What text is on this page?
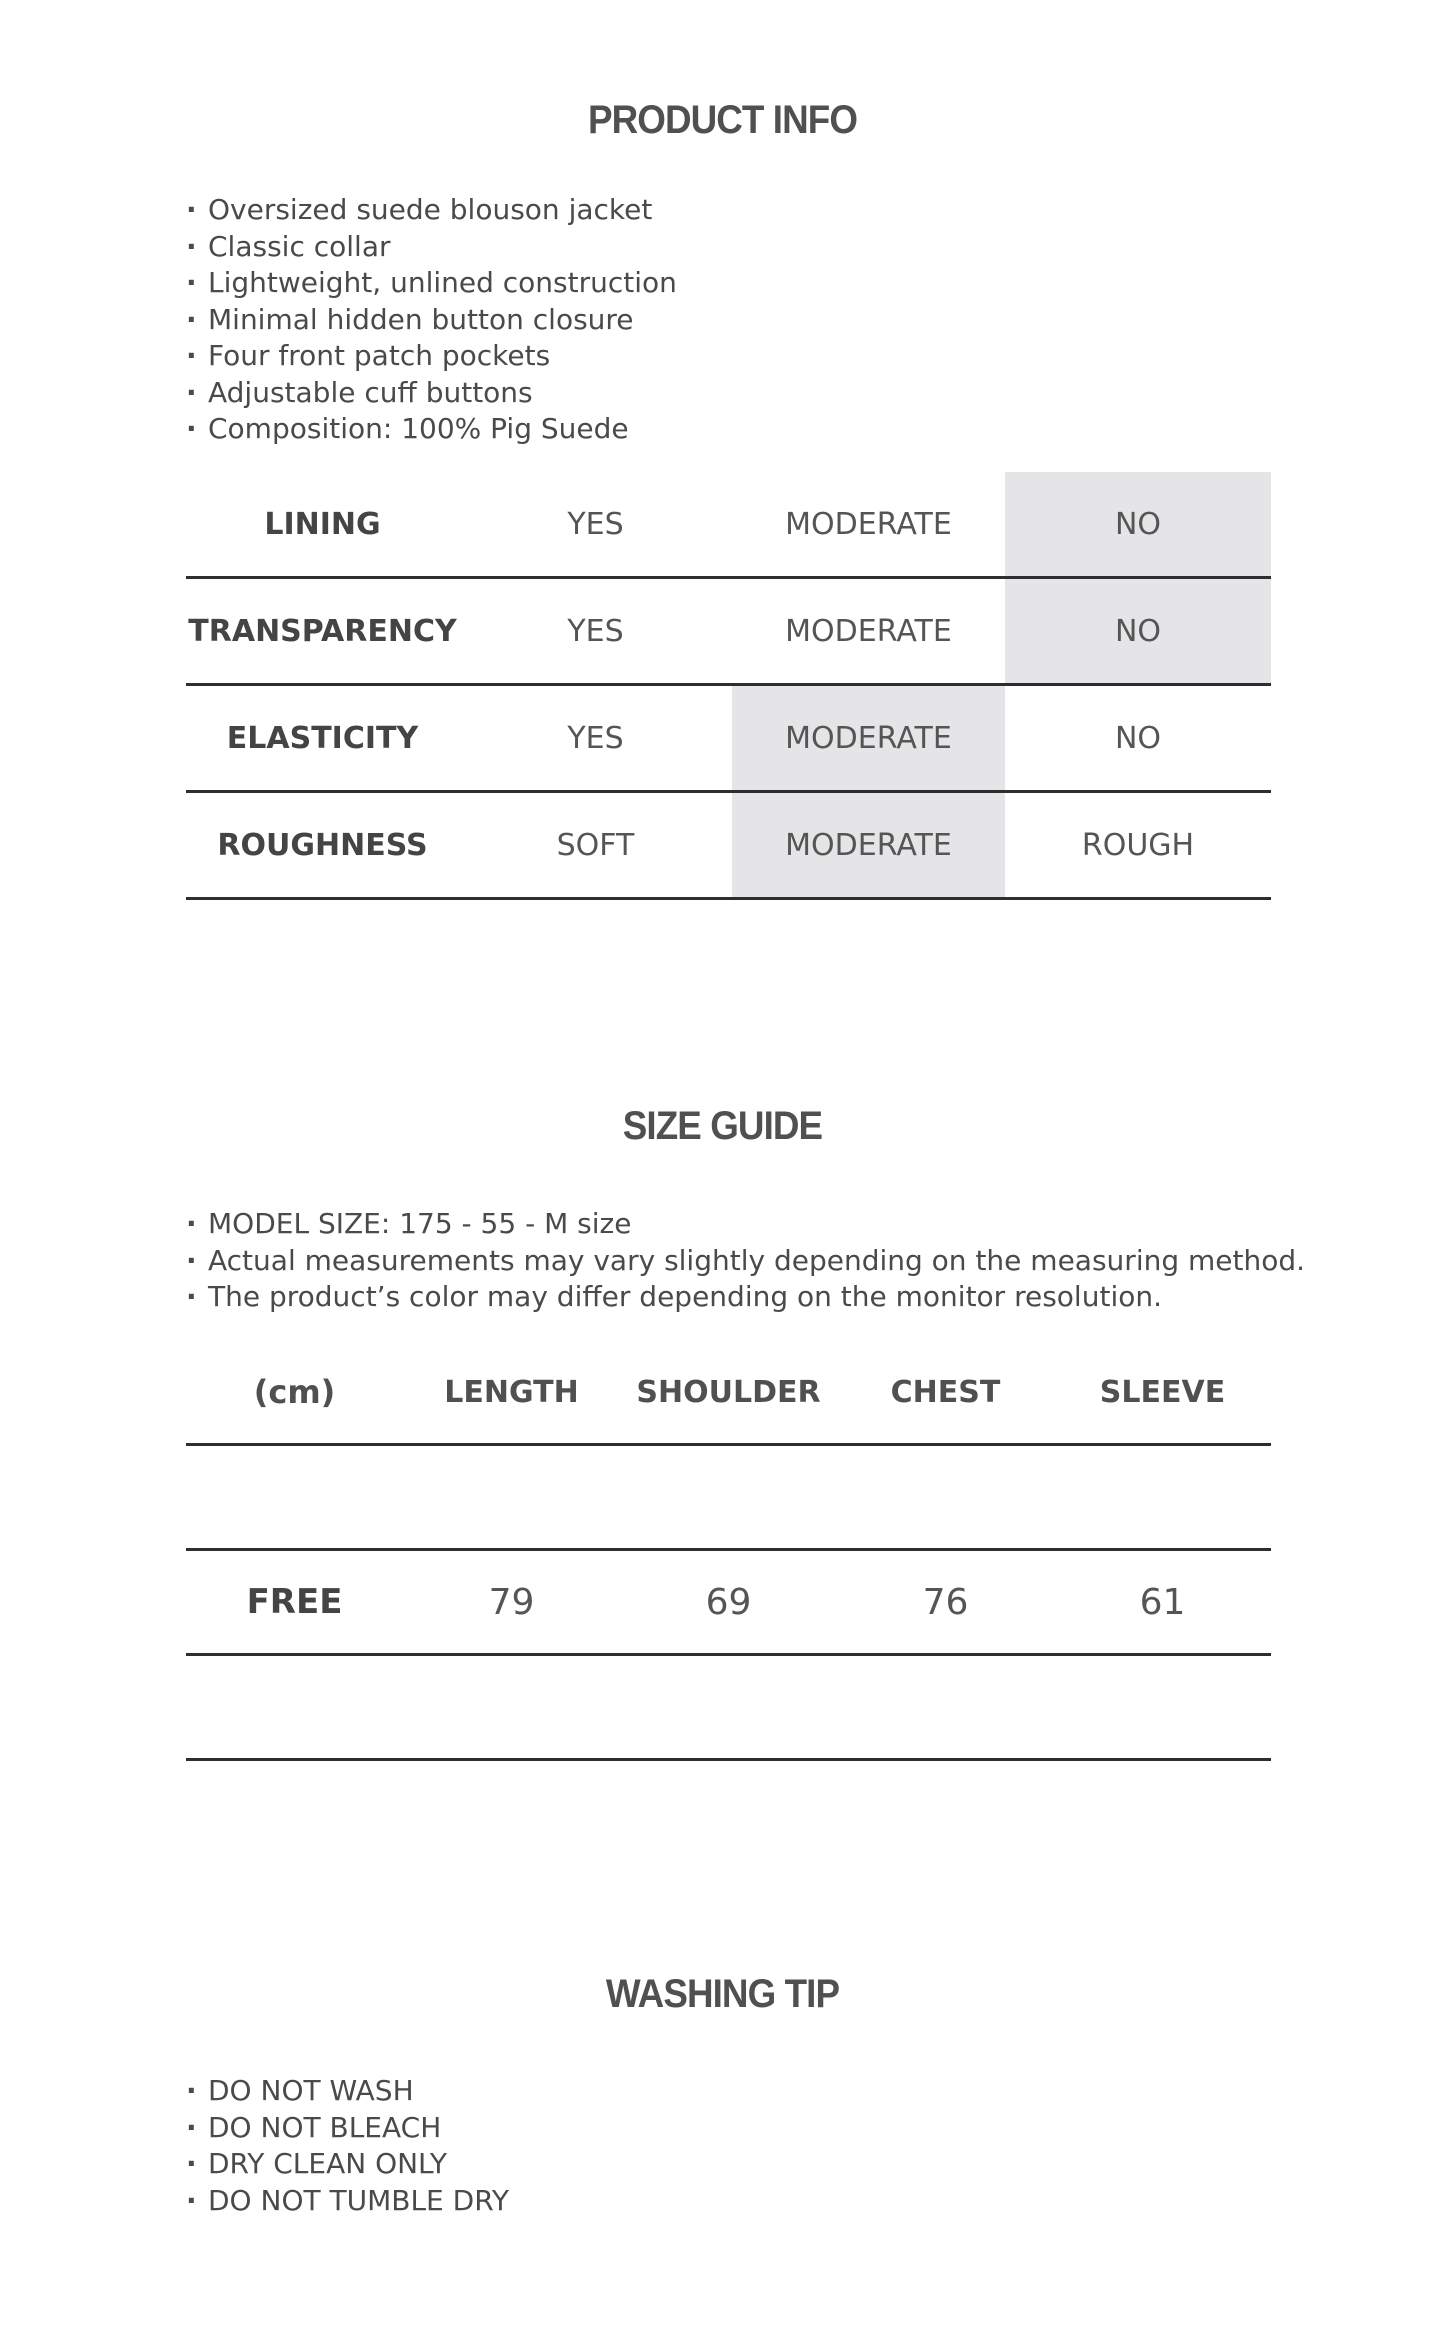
PRODUCT INFO
· Oversized suede blouson jacket
· Classic collar
· Lightweight, unlined construction
· Minimal hidden button closure
· Four front patch pockets
· Adjustable cuff buttons
· Composition: 100% Pig Suede
LINING	YES	MODERATE	NO
TRANSPARENCY	YES	MODERATE	NO
ELASTICITY	YES	MODERATE	NO
ROUGHNESS	SOFT	MODERATE	ROUGH
SIZE GUIDE
· MODEL SIZE: 175 - 55 - M size
· Actual measurements may vary slightly depending on the measuring method.
· The product’s color may differ depending on the monitor resolution.
(cm)	LENGTH	SHOULDER	CHEST	SLEEVE

FREE	79	69	76	61

WASHING TIP
· DO NOT WASH
· DO NOT BLEACH
· DRY CLEAN ONLY
· DO NOT TUMBLE DRY
